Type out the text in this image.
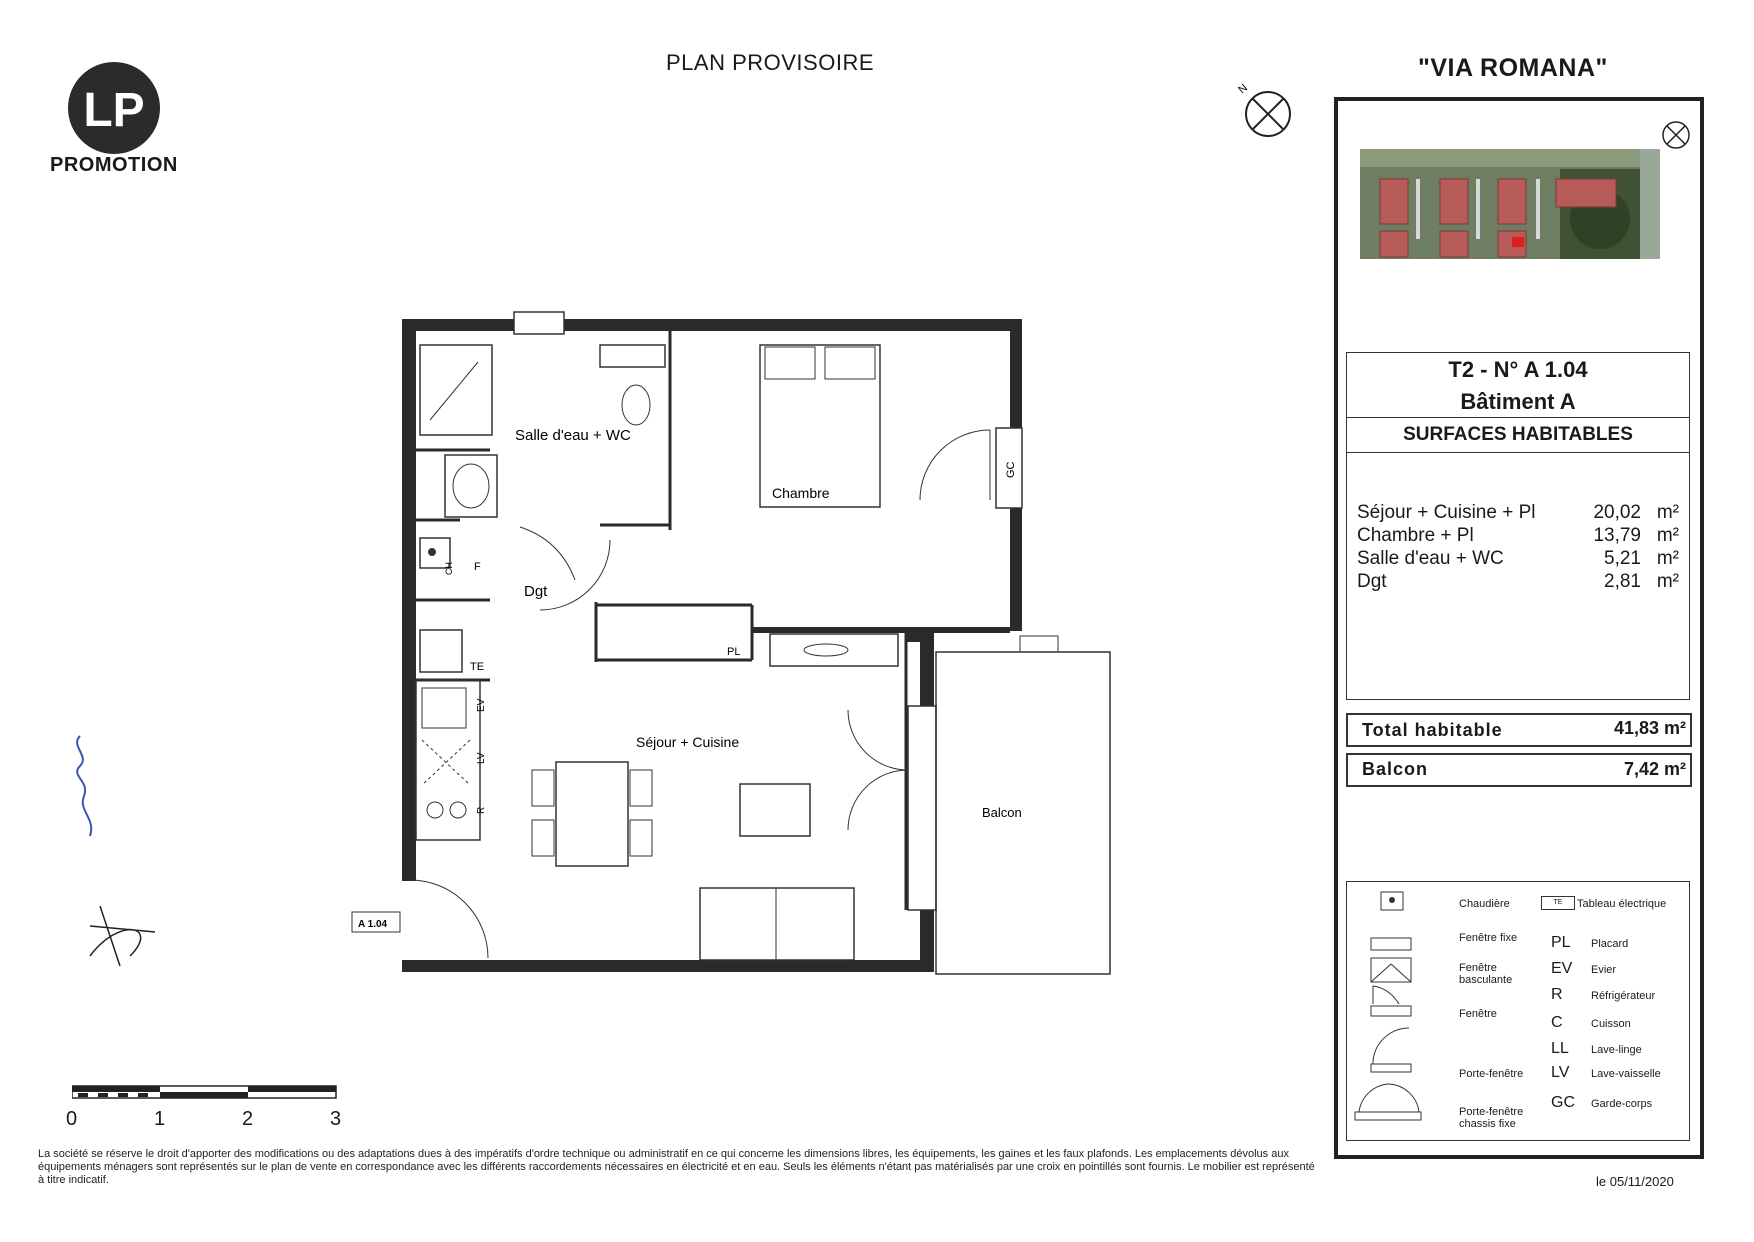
PLAN PROVISOIRE	"VIA ROMANA"
LP
PROMOTION
N
T2 - N° A 1.04
Bâtiment A
SURFACES HABITABLES
Séjour + Cuisine + Pl	20,02 m²
Chambre + Pl	13,79 m²
Salle d'eau + WC	5,21 m²
Dgt	2,81 m²
Total habitable	41,83 m²
Balcon	7,42 m²
Chaudière	TE	Tableau électrique
Fenêtre fixe
Fenêtre basculante
Fenêtre
Porte-fenêtre
Porte-fenêtre chassis fixe
PL	Placard
EV	Evier
R	Réfrigérateur
C	Cuisson
LL	Lave-linge
LV	Lave-vaisselle
GC	Garde-corps
le 05/11/2020
Salle d'eau + WC
Chambre
Dgt
Séjour + Cuisine
Balcon
PL
GC
TE
CH F
EV
LV
R
A 1.04
0	1	2	3
La société se réserve le droit d'apporter des modifications ou des adaptations dues à des impératifs d'ordre technique ou administratif en ce qui concerne les dimensions libres, les équipements, les gaines et les faux plafonds. Les emplacements dévolus aux équipements ménagers sont représentés sur le plan de vente en correspondance avec les différents raccordements nécessaires en électricité et en eau. Seuls les éléments n'étant pas matérialisés par une croix en pointillés sont fournis. Le mobilier est représenté à titre indicatif.
